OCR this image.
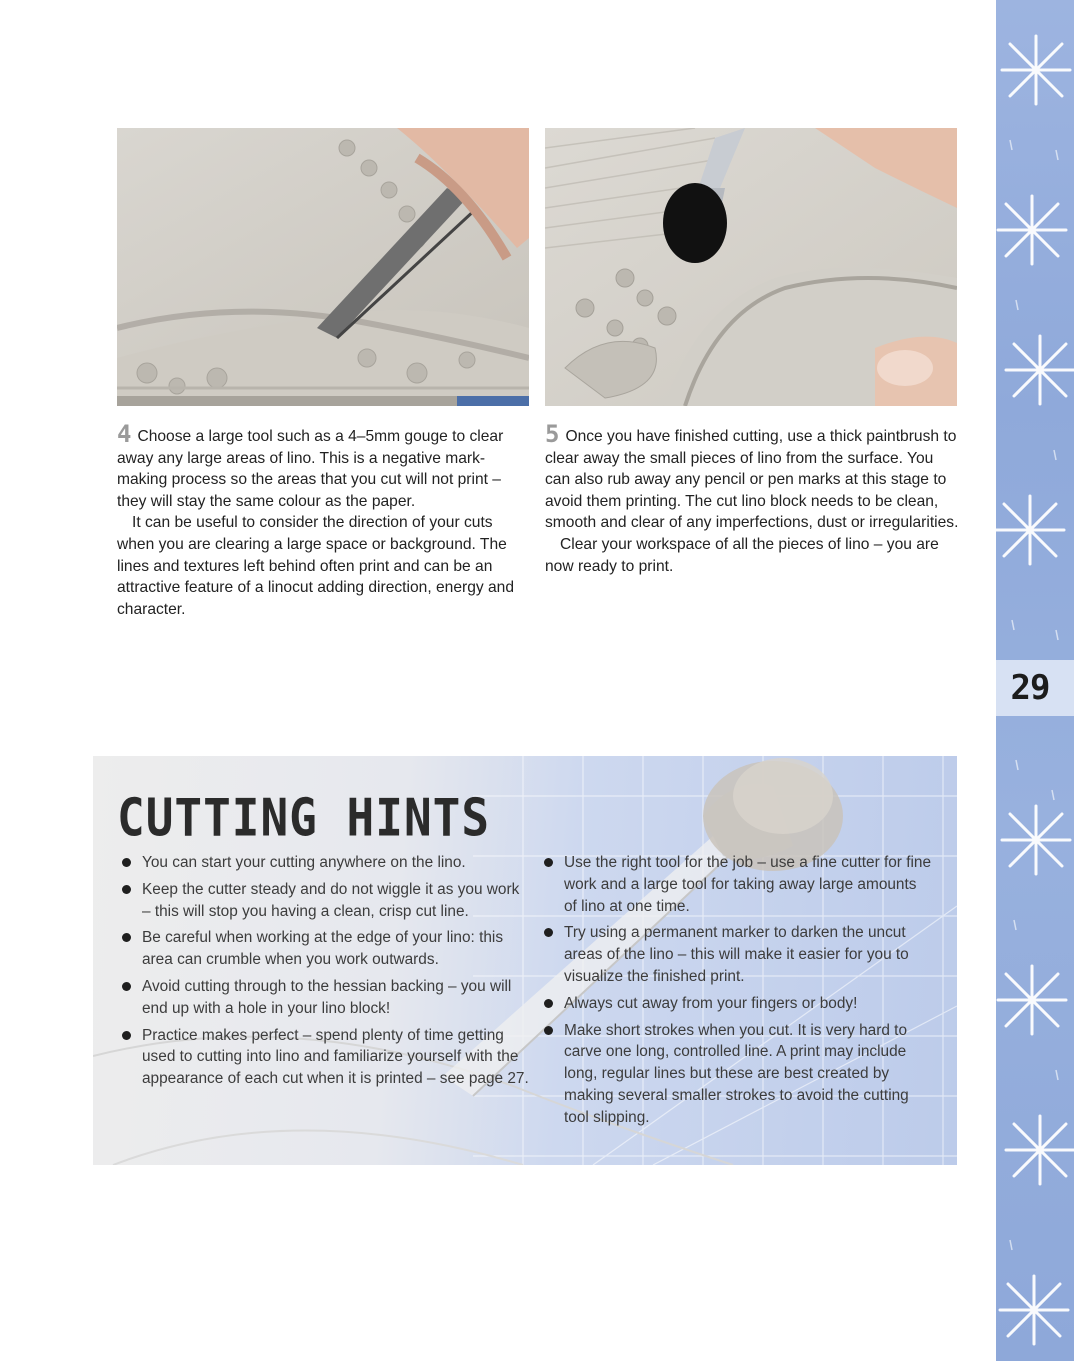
29

4 Choose a large tool such as a 4–5mm gouge to clear away any large areas of lino. This is a negative mark-making process so the areas that you cut will not print – they will stay the same colour as the paper.

It can be useful to consider the direction of your cuts when you are clearing a large space or background. The lines and textures left behind often print and can be an attractive feature of a linocut adding direction, energy and character.

5 Once you have finished cutting, use a thick paintbrush to clear away the small pieces of lino from the surface. You can also rub away any pencil or pen marks at this stage to avoid them printing. The cut lino block needs to be clean, smooth and clear of any imperfections, dust or irregularities.

Clear your workspace of all the pieces of lino – you are now ready to print.

CUTTING HINTS
You can start your cutting anywhere on the lino.
Keep the cutter steady and do not wiggle it as you work – this will stop you having a clean, crisp cut line.
Be careful when working at the edge of your lino: this area can crumble when you work outwards.
Avoid cutting through to the hessian backing – you will end up with a hole in your lino block!
Practice makes perfect – spend plenty of time getting used to cutting into lino and familiarize yourself with the appearance of each cut when it is printed – see page 27.
Use the right tool for the job – use a fine cutter for fine work and a large tool for taking away large amounts of lino at one time.
Try using a permanent marker to darken the uncut areas of the lino – this will make it easier for you to visualize the finished print.
Always cut away from your fingers or body!
Make short strokes when you cut. It is very hard to carve one long, controlled line. A print may include long, regular lines but these are best created by making several smaller strokes to avoid the cutting tool slipping.
